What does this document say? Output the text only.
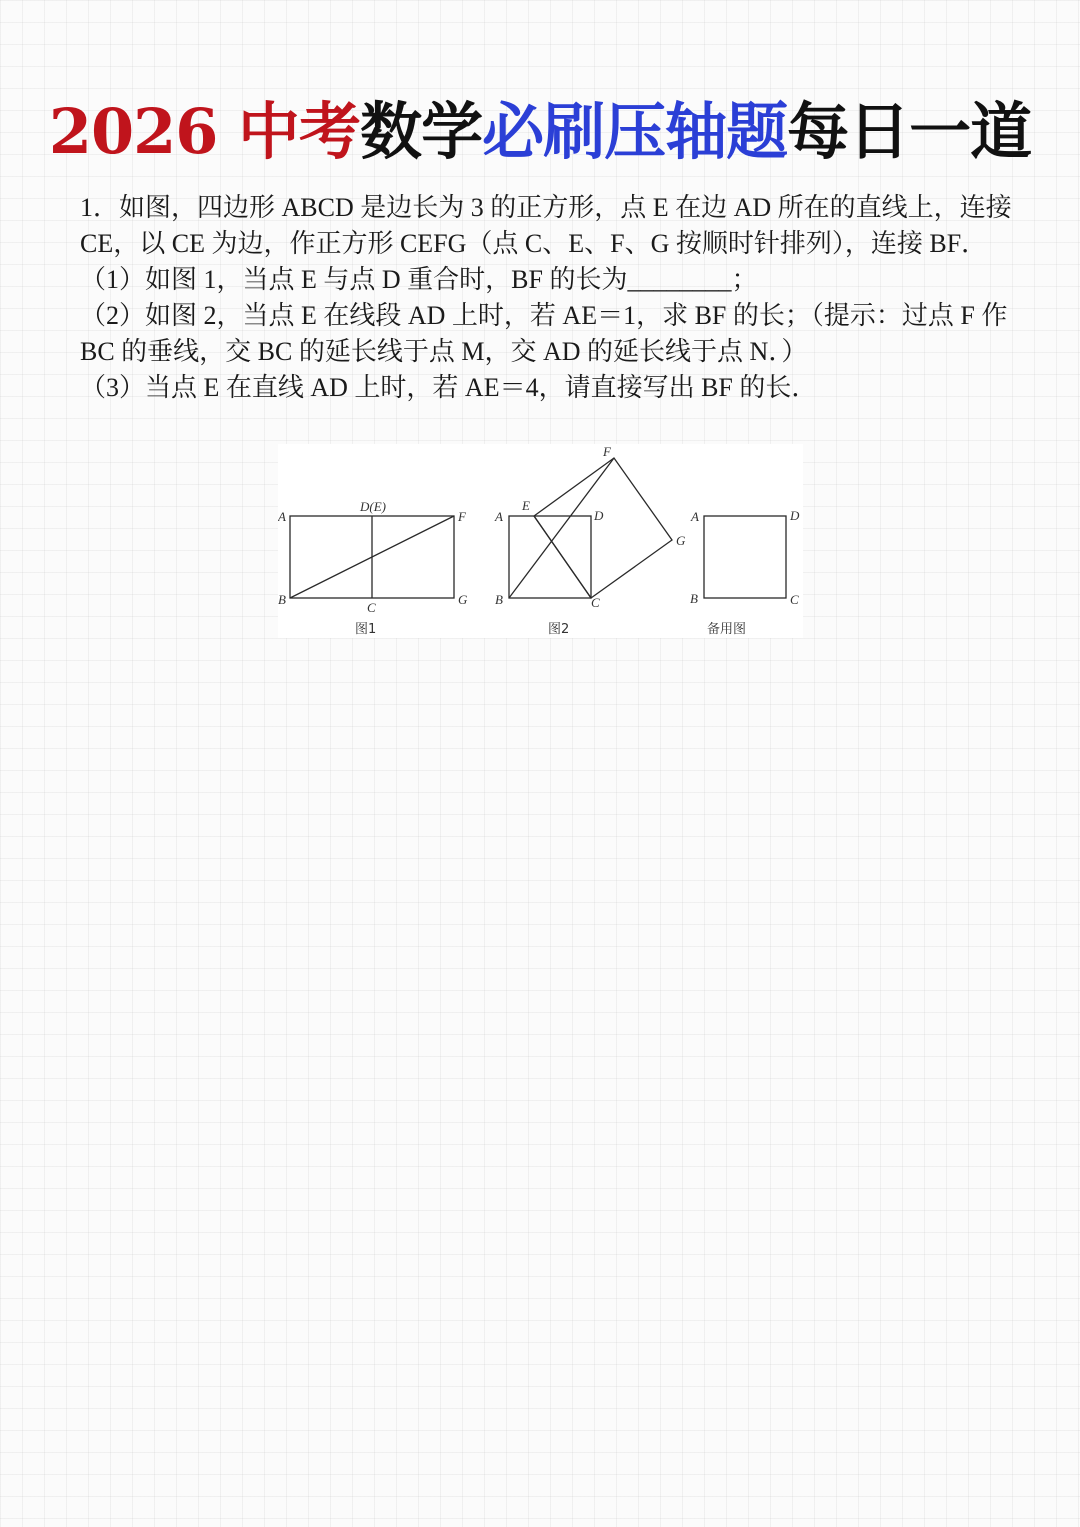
2026 中考数学必刷压轴题每日一道

1．如图，四边形 ABCD 是边长为 3 的正方形，点 E 在边 AD 所在的直线上，连接 CE，以 CE 为边，作正方形 CEFG（点 C、E、F、G 按顺时针排列），连接 BF．

（1）如图 1，当点 E 与点 D 重合时，BF 的长为________；

（2）如图 2，当点 E 在线段 AD 上时，若 AE＝1，求 BF 的长；（提示：过点 F 作 BC 的垂线，交 BC 的延长线于点 M，交 AD 的延长线于点 N．）

（3）当点 E 在直线 AD 上时，若 AE＝4，请直接写出 BF 的长．

A
D(E)
F
B
C
G
图1
A
E
D
F
G
B	C
图2
A	D
B	C
备用图
